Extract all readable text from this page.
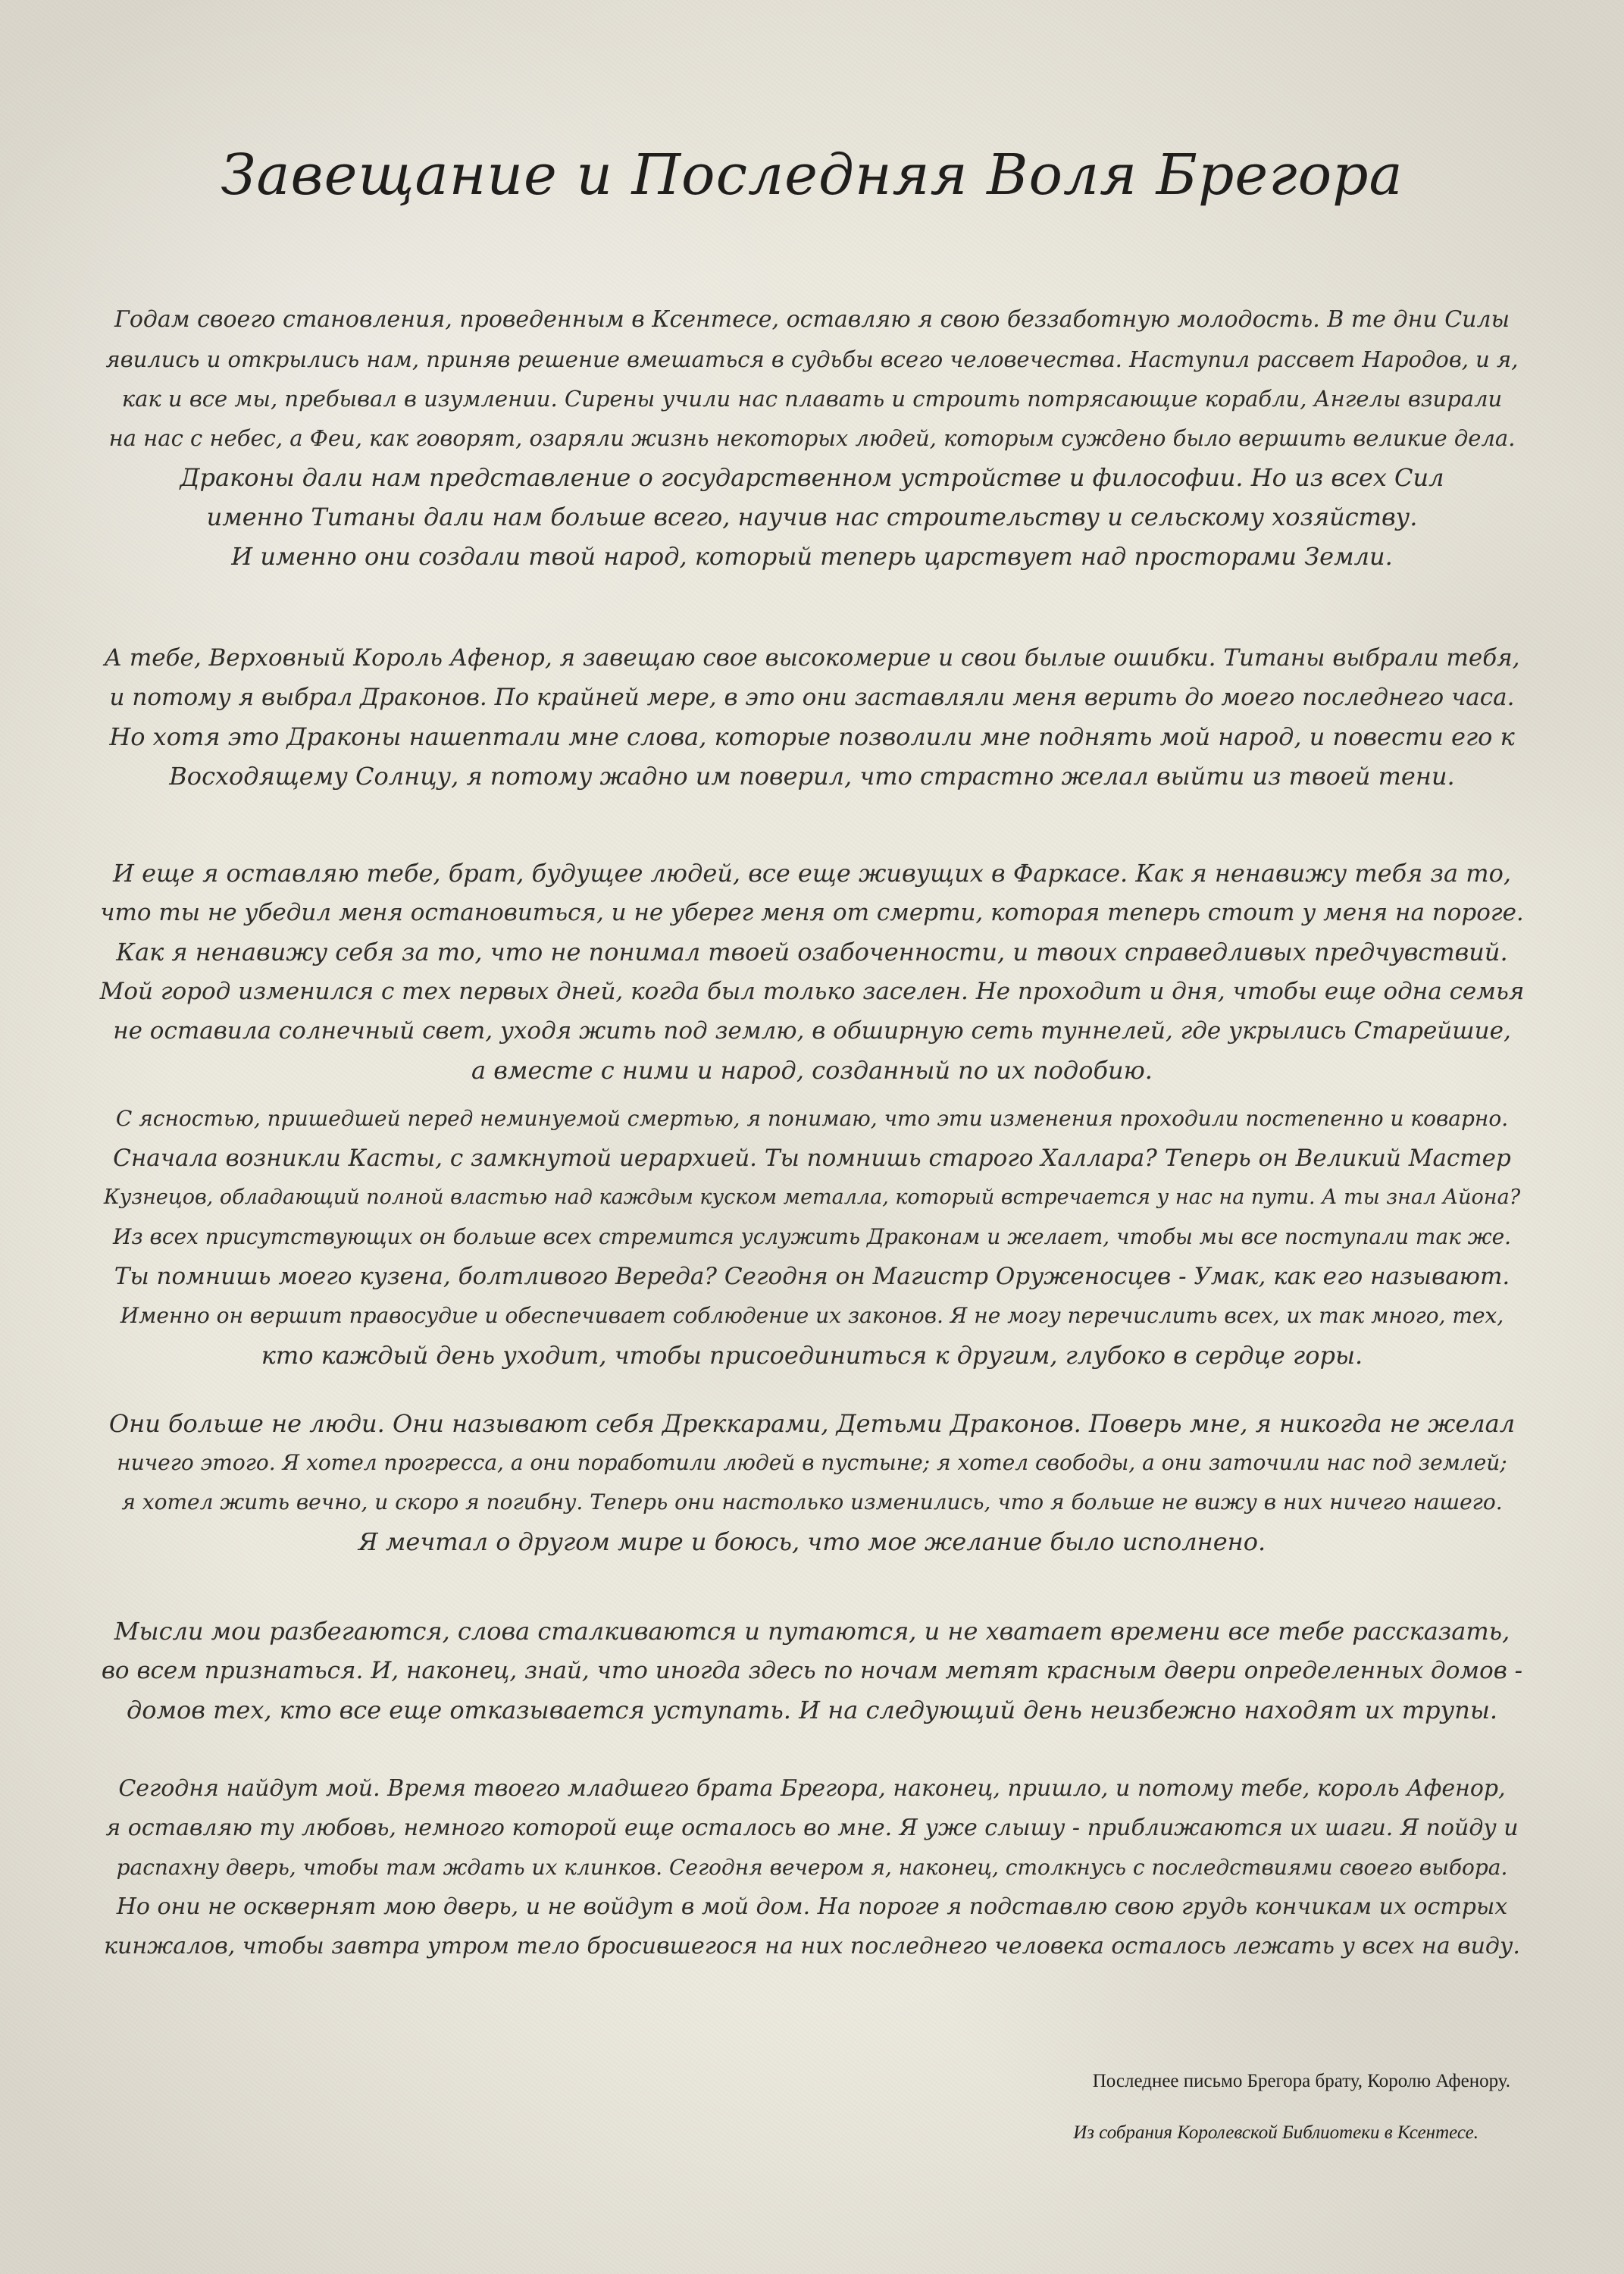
Завещание и Последняя Воля Брегора
Годам своего становления, проведенным в Ксентесе, оставляю я свою беззаботную молодость. В те дни Силы
явились и открылись нам, приняв решение вмешаться в судьбы всего человечества. Наступил рассвет Народов, и я,
как и все мы, пребывал в изумлении. Сирены учили нас плавать и строить потрясающие корабли, Ангелы взирали
на нас с небес, а Феи, как говорят, озаряли жизнь некоторых людей, которым суждено было вершить великие дела.
Драконы дали нам представление о государственном устройстве и философии. Но из всех Сил
именно Титаны дали нам больше всего, научив нас строительству и сельскому хозяйству.
И именно они создали твой народ, который теперь царствует над просторами Земли.
А тебе, Верховный Король Афенор, я завещаю свое высокомерие и свои былые ошибки. Титаны выбрали тебя,
и потому я выбрал Драконов. По крайней мере, в это они заставляли меня верить до моего последнего часа.
Но хотя это Драконы нашептали мне слова, которые позволили мне поднять мой народ, и повести его к
Восходящему Солнцу, я потому жадно им поверил, что страстно желал выйти из твоей тени.
И еще я оставляю тебе, брат, будущее людей, все еще живущих в Фаркасе. Как я ненавижу тебя за то,
что ты не убедил меня остановиться, и не уберег меня от смерти, которая теперь стоит у меня на пороге.
Как я ненавижу себя за то, что не понимал твоей озабоченности, и твоих справедливых предчувствий.
Мой город изменился с тех первых дней, когда был только заселен. Не проходит и дня, чтобы еще одна семья
не оставила солнечный свет, уходя жить под землю, в обширную сеть туннелей, где укрылись Старейшие,
а вместе с ними и народ, созданный по их подобию.
С ясностью, пришедшей перед неминуемой смертью, я понимаю, что эти изменения проходили постепенно и коварно.
Сначала возникли Касты, с замкнутой иерархией. Ты помнишь старого Халлара? Теперь он Великий Мастер
Кузнецов, обладающий полной властью над каждым куском металла, который встречается у нас на пути. А ты знал Айона?
Из всех присутствующих он больше всех стремится услужить Драконам и желает, чтобы мы все поступали так же.
Ты помнишь моего кузена, болтливого Вереда? Сегодня он Магистр Оруженосцев - Умак, как его называют.
Именно он вершит правосудие и обеспечивает соблюдение их законов. Я не могу перечислить всех, их так много, тех,
кто каждый день уходит, чтобы присоединиться к другим, глубоко в сердце горы.
Они больше не люди. Они называют себя Дреккарами, Детьми Драконов. Поверь мне, я никогда не желал
ничего этого. Я хотел прогресса, а они поработили людей в пустыне; я хотел свободы, а они заточили нас под землей;
я хотел жить вечно, и скоро я погибну. Теперь они настолько изменились, что я больше не вижу в них ничего нашего.
Я мечтал о другом мире и боюсь, что мое желание было исполнено.
Мысли мои разбегаются, слова сталкиваются и путаются, и не хватает времени все тебе рассказать,
во всем признаться. И, наконец, знай, что иногда здесь по ночам метят красным двери определенных домов -
домов тех, кто все еще отказывается уступать. И на следующий день неизбежно находят их трупы.
Сегодня найдут мой. Время твоего младшего брата Брегора, наконец, пришло, и потому тебе, король Афенор,
я оставляю ту любовь, немного которой еще осталось во мне. Я уже слышу - приближаются их шаги. Я пойду и
распахну дверь, чтобы там ждать их клинков. Сегодня вечером я, наконец, столкнусь с последствиями своего выбора.
Но они не осквернят мою дверь, и не войдут в мой дом. На пороге я подставлю свою грудь кончикам их острых
кинжалов, чтобы завтра утром тело бросившегося на них последнего человека осталось лежать у всех на виду.

Последнее письмо Брегора брату, Королю Афенору.

Из собрания Королевской Библиотеки в Ксентесе.
